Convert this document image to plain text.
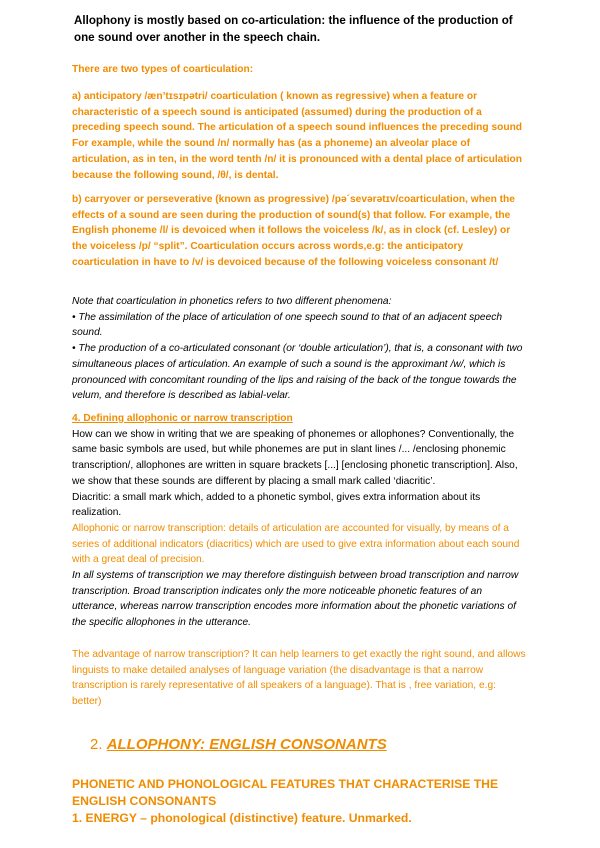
Allophony is mostly based on co-articulation: the influence of the production of one sound over another in the speech chain.

There are two types of coarticulation:

a) anticipatory /æn’tɪsɪpətri/ coarticulation ( known as regressive) when a feature or characteristic of a speech sound is anticipated (assumed) during the production of a preceding speech sound. The articulation of a speech sound influences the preceding sound For example, while the sound /n/ normally has (as a phoneme) an alveolar place of articulation, as in ten, in the word tenth /n/ it is pronounced with a dental place of articulation because the following sound, /θ/, is dental.

b) carryover or perseverative (known as progressive) /pə´sevərətɪv/coarticulation, when the effects of a sound are seen during the production of sound(s) that follow. For example, the English phoneme /l/ is devoiced when it follows the voiceless /k/, as in clock (cf. Lesley) or the voiceless /p/ “split”. Coarticulation occurs across words,e.g: the anticipatory coarticulation in have to /v/ is devoiced because of the following voiceless consonant /t/

Note that coarticulation in phonetics refers to two different phenomena:
• The assimilation of the place of articulation of one speech sound to that of an adjacent speech sound.
• The production of a co-articulated consonant (or ‘double articulation’), that is, a consonant with two simultaneous places of articulation. An example of such a sound is the approximant /w/, which is pronounced with concomitant rounding of the lips and raising of the back of the tongue towards the velum, and therefore is described as labial-velar.
4. Defining allophonic or narrow transcription
How can we show in writing that we are speaking of phonemes or allophones? Conventionally, the same basic symbols are used, but while phonemes are put in slant lines /... /enclosing phonemic transcription/, allophones are written in square brackets [...] [enclosing phonetic transcription]. Also, we show that these sounds are different by placing a small mark called ‘diacritic’.
Diacritic: a small mark which, added to a phonetic symbol, gives extra information about its realization.
Allophonic or narrow transcription: details of articulation are accounted for visually, by means of a series of additional indicators (diacritics) which are used to give extra information about each sound with a great deal of precision.
In all systems of transcription we may therefore distinguish between broad transcription and narrow transcription. Broad transcription indicates only the more noticeable phonetic features of an utterance, whereas narrow transcription encodes more information about the phonetic variations of the specific allophones in the utterance.

The advantage of narrow transcription? It can help learners to get exactly the right sound, and allows linguists to make detailed analyses of language variation (the disadvantage is that a narrow transcription is rarely representative of all speakers of a language). That is , free variation, e.g: better)

2. ALLOPHONY: ENGLISH CONSONANTS
PHONETIC AND PHONOLOGICAL FEATURES THAT CHARACTERISE THE ENGLISH CONSONANTS
1. ENERGY – phonological (distinctive) feature. Unmarked.
